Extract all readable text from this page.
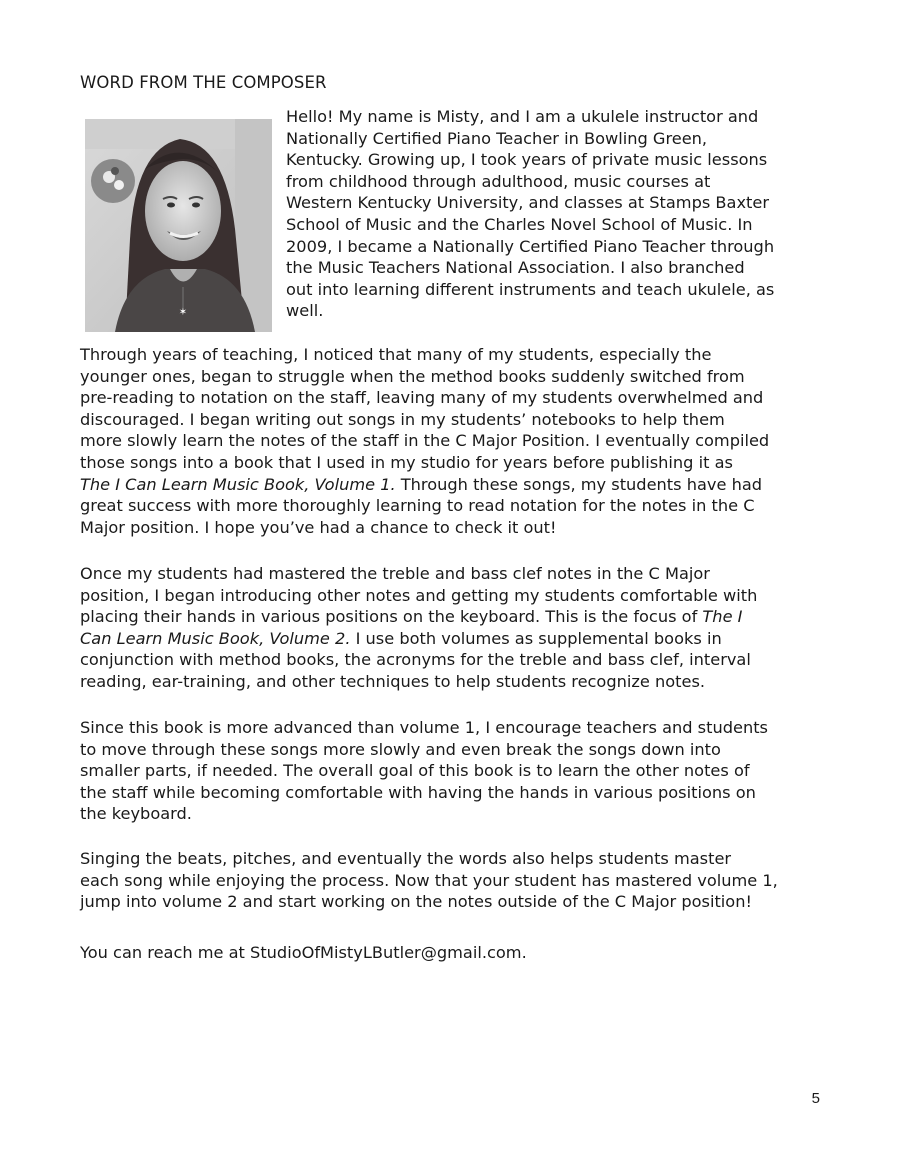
WORD FROM THE COMPOSER
✶
Hello! My name is Misty, and I am a ukulele instructor and
Nationally Certified Piano Teacher in Bowling Green,
Kentucky. Growing up, I took years of private music lessons
from childhood through adulthood, music courses at
Western Kentucky University, and classes at Stamps Baxter
School of Music and the Charles Novel School of Music. In
2009, I became a Nationally Certified Piano Teacher through
the Music Teachers National Association. I also branched
out into learning different instruments and teach ukulele, as
well.
Through years of teaching, I noticed that many of my students, especially the
younger ones, began to struggle when the method books suddenly switched from
pre-reading to notation on the staff, leaving many of my students overwhelmed and
discouraged. I began writing out songs in my students’ notebooks to help them
more slowly learn the notes of the staff in the C Major Position. I eventually compiled
those songs into a book that I used in my studio for years before publishing it as
The I Can Learn Music Book, Volume 1. Through these songs, my students have had
great success with more thoroughly learning to read notation for the notes in the C
Major position. I hope you’ve had a chance to check it out!
Once my students had mastered the treble and bass clef notes in the C Major
position, I began introducing other notes and getting my students comfortable with
placing their hands in various positions on the keyboard. This is the focus of The I
Can Learn Music Book, Volume 2. I use both volumes as supplemental books in
conjunction with method books, the acronyms for the treble and bass clef, interval
reading, ear-training, and other techniques to help students recognize notes.
Since this book is more advanced than volume 1, I encourage teachers and students
to move through these songs more slowly and even break the songs down into
smaller parts, if needed. The overall goal of this book is to learn the other notes of
the staff while becoming comfortable with having the hands in various positions on
the keyboard.
Singing the beats, pitches, and eventually the words also helps students master
each song while enjoying the process. Now that your student has mastered volume 1,
jump into volume 2 and start working on the notes outside of the C Major position!
You can reach me at StudioOfMistyLButler@gmail.com.
5
